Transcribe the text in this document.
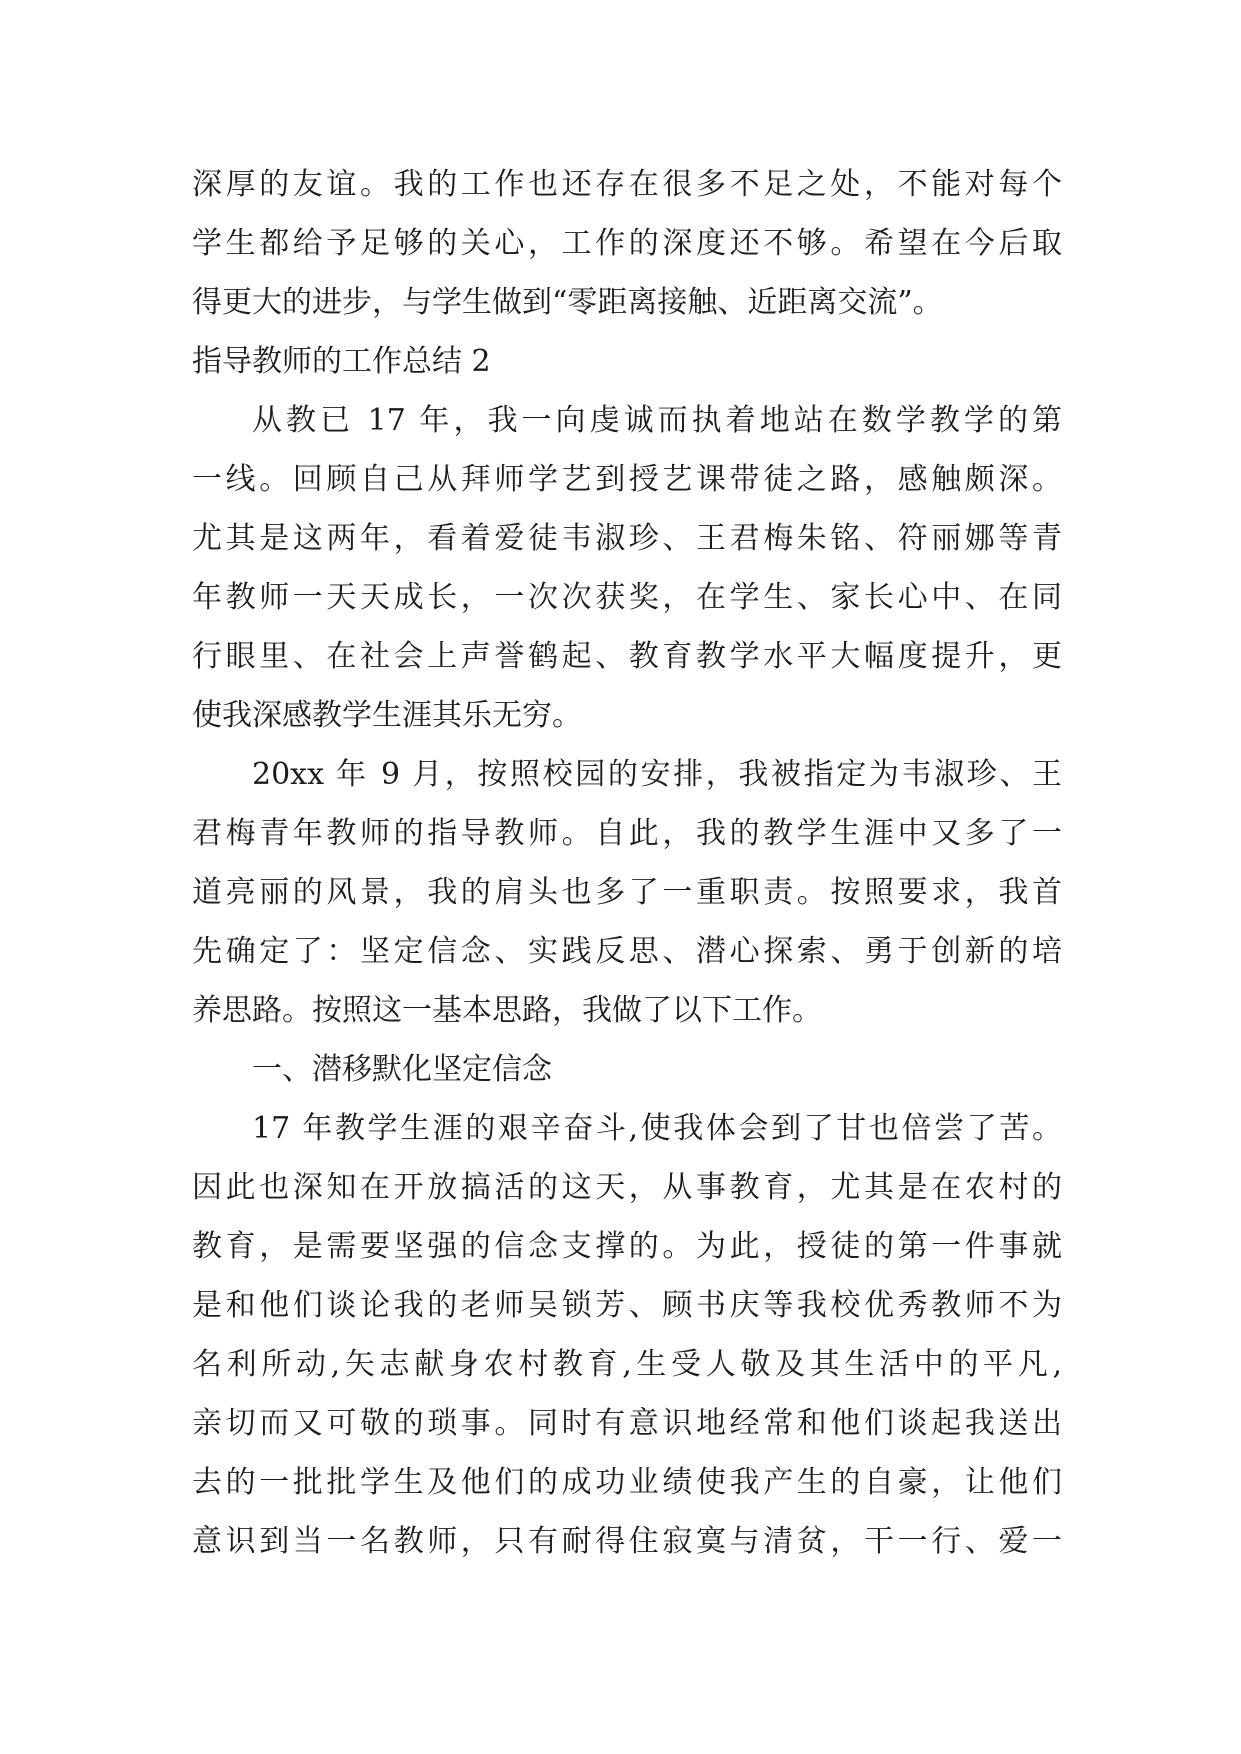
深厚的友谊。我的工作也还存在很多不足之处，不能对每个
学生都给予足够的关心，工作的深度还不够。希望在今后取
得更大的进步，与学生做到“零距离接触、近距离交流”。
指导教师的工作总结 2
从教已 17 年，我一向虔诚而执着地站在数学教学的第
一线。回顾自己从拜师学艺到授艺课带徒之路，感触颇深。
尤其是这两年，看着爱徒韦淑珍、王君梅朱铭、符丽娜等青
年教师一天天成长，一次次获奖，在学生、家长心中、在同
行眼里、在社会上声誉鹤起、教育教学水平大幅度提升，更
使我深感教学生涯其乐无穷。
20xx 年 9 月，按照校园的安排，我被指定为韦淑珍、王
君梅青年教师的指导教师。自此，我的教学生涯中又多了一
道亮丽的风景，我的肩头也多了一重职责。按照要求，我首
先确定了：坚定信念、实践反思、潜心探索、勇于创新的培
养思路。按照这一基本思路，我做了以下工作。
一、潜移默化坚定信念
17 年教学生涯的艰辛奋斗,使我体会到了甘也倍尝了苦。
因此也深知在开放搞活的这天，从事教育，尤其是在农村的
教育，是需要坚强的信念支撑的。为此，授徒的第一件事就
是和他们谈论我的老师吴锁芳、顾书庆等我校优秀教师不为
名利所动,矢志献身农村教育,生受人敬及其生活中的平凡,
亲切而又可敬的琐事。同时有意识地经常和他们谈起我送出
去的一批批学生及他们的成功业绩使我产生的自豪，让他们
意识到当一名教师，只有耐得住寂寞与清贫，干一行、爱一
